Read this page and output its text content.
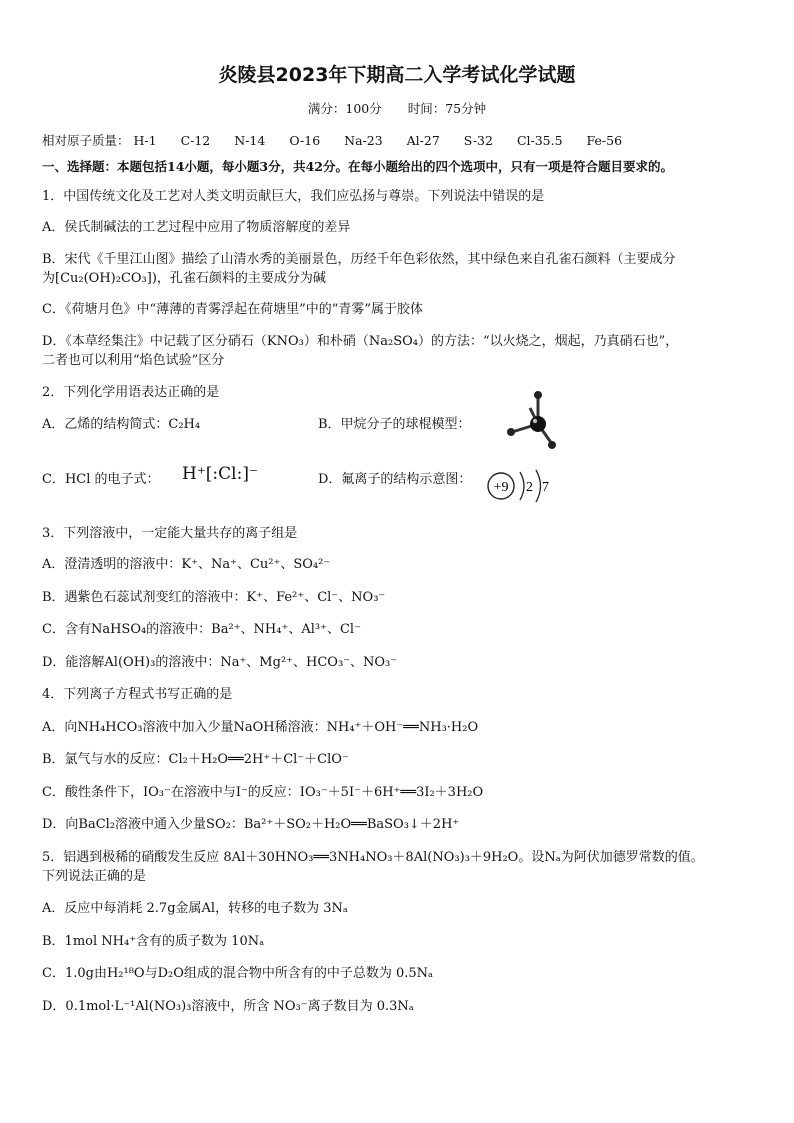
炎陵县2023年下期高二入学考试化学试题
满分：100分 时间：75分钟
相对原子质量： H-1 C-12 N-14 O-16 Na-23 Al-27 S-32 Cl-35.5 Fe-56
一、选择题：本题包括14小题，每小题3分，共42分。在每小题给出的四个选项中，只有一项是符合题目要求的。
1．中国传统文化及工艺对人类文明贡献巨大，我们应弘扬与尊崇。下列说法中错误的是
A．侯氏制碱法的工艺过程中应用了物质溶解度的差异
B．宋代《千里江山图》描绘了山清水秀的美丽景色，历经千年色彩依然，其中绿色来自孔雀石颜料（主要成分
为[Cu₂(OH)₂CO₃])，孔雀石颜料的主要成分为碱
C．《荷塘月色》中“薄薄的青雾浮起在荷塘里”中的“青雾”属于胶体
D．《本草经集注》中记载了区分硝石（KNO₃）和朴硝（Na₂SO₄）的方法：“以火烧之，烟起，乃真硝石也”，
二者也可以利用“焰色试验”区分
2．下列化学用语表达正确的是
A．乙烯的结构简式：C₂H₄	B．甲烷分子的球棍模型：
C．HCl 的电子式： H⁺[:Cl:]⁻	D．氟离子的结构示意图：
+9 2 7
3．下列溶液中，一定能大量共存的离子组是
A．澄清透明的溶液中：K⁺、Na⁺、Cu²⁺、SO₄²⁻
B．遇紫色石蕊试剂变红的溶液中：K⁺、Fe²⁺、Cl⁻、NO₃⁻
C．含有NaHSO₄的溶液中：Ba²⁺、NH₄⁺、Al³⁺、Cl⁻
D．能溶解Al(OH)₃的溶液中：Na⁺、Mg²⁺、HCO₃⁻、NO₃⁻
4．下列离子方程式书写正确的是
A．向NH₄HCO₃溶液中加入少量NaOH稀溶液：NH₄⁺＋OH⁻══NH₃·H₂O
B．氯气与水的反应：Cl₂＋H₂O══2H⁺＋Cl⁻＋ClO⁻
C．酸性条件下，IO₃⁻在溶液中与I⁻的反应：IO₃⁻＋5I⁻＋6H⁺══3I₂＋3H₂O
D．向BaCl₂溶液中通入少量SO₂：Ba²⁺＋SO₂＋H₂O══BaSO₃↓＋2H⁺
5．铝遇到极稀的硝酸发生反应 8Al＋30HNO₃══3NH₄NO₃＋8Al(NO₃)₃＋9H₂O。设Nₐ为阿伏加德罗常数的值。
下列说法正确的是
A．反应中每消耗 2.7g金属Al，转移的电子数为 3Nₐ
B．1mol NH₄⁺含有的质子数为 10Nₐ
C．1.0g由H₂¹⁸O与D₂O组成的混合物中所含有的中子总数为 0.5Nₐ
D．0.1mol·L⁻¹Al(NO₃)₃溶液中，所含 NO₃⁻离子数目为 0.3Nₐ
